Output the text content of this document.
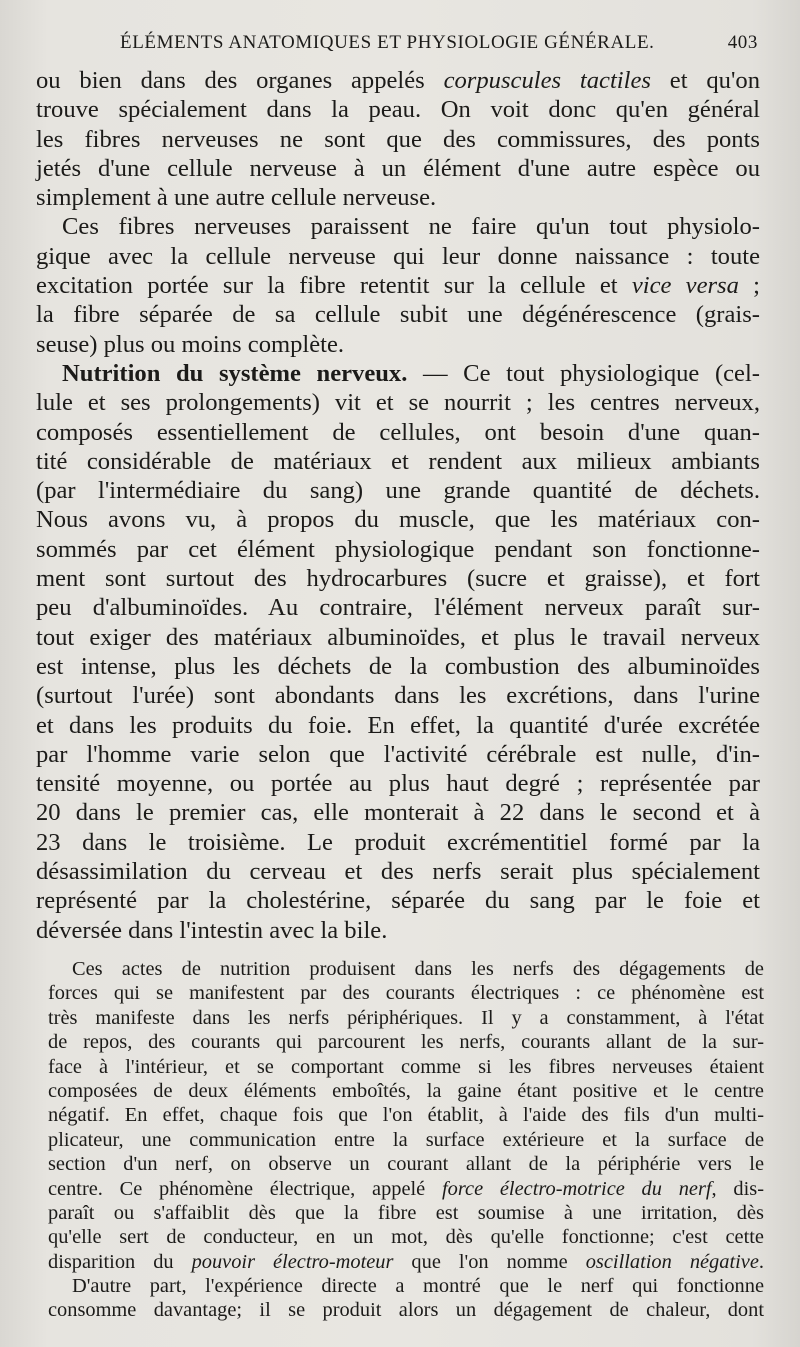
ÉLÉMENTS ANATOMIQUES ET PHYSIOLOGIE GÉNÉRALE.	403
ou bien dans des organes appelés corpuscules tactiles et qu'on
trouve spécialement dans la peau. On voit donc qu'en général
les fibres nerveuses ne sont que des commissures, des ponts
jetés d'une cellule nerveuse à un élément d'une autre espèce ou
simplement à une autre cellule nerveuse.
Ces fibres nerveuses paraissent ne faire qu'un tout physiolo-
gique avec la cellule nerveuse qui leur donne naissance : toute
excitation portée sur la fibre retentit sur la cellule et vice versa ;
la fibre séparée de sa cellule subit une dégénérescence (grais-
seuse) plus ou moins complète.
Nutrition du système nerveux. — Ce tout physiologique (cel-
lule et ses prolongements) vit et se nourrit ; les centres nerveux,
composés essentiellement de cellules, ont besoin d'une quan-
tité considérable de matériaux et rendent aux milieux ambiants
(par l'intermédiaire du sang) une grande quantité de déchets.
Nous avons vu, à propos du muscle, que les matériaux con-
sommés par cet élément physiologique pendant son fonctionne-
ment sont surtout des hydrocarbures (sucre et graisse), et fort
peu d'albuminoïdes. Au contraire, l'élément nerveux paraît sur-
tout exiger des matériaux albuminoïdes, et plus le travail nerveux
est intense, plus les déchets de la combustion des albuminoïdes
(surtout l'urée) sont abondants dans les excrétions, dans l'urine
et dans les produits du foie. En effet, la quantité d'urée excrétée
par l'homme varie selon que l'activité cérébrale est nulle, d'in-
tensité moyenne, ou portée au plus haut degré ; représentée par
20 dans le premier cas, elle monterait à 22 dans le second et à
23 dans le troisième. Le produit excrémentitiel formé par la
désassimilation du cerveau et des nerfs serait plus spécialement
représenté par la cholestérine, séparée du sang par le foie et
déversée dans l'intestin avec la bile.
Ces actes de nutrition produisent dans les nerfs des dégagements de
forces qui se manifestent par des courants électriques : ce phénomène est
très manifeste dans les nerfs périphériques. Il y a constamment, à l'état
de repos, des courants qui parcourent les nerfs, courants allant de la sur-
face à l'intérieur, et se comportant comme si les fibres nerveuses étaient
composées de deux éléments emboîtés, la gaine étant positive et le centre
négatif. En effet, chaque fois que l'on établit, à l'aide des fils d'un multi-
plicateur, une communication entre la surface extérieure et la surface de
section d'un nerf, on observe un courant allant de la périphérie vers le
centre. Ce phénomène électrique, appelé force électro-motrice du nerf, dis-
paraît ou s'affaiblit dès que la fibre est soumise à une irritation, dès
qu'elle sert de conducteur, en un mot, dès qu'elle fonctionne; c'est cette
disparition du pouvoir électro-moteur que l'on nomme oscillation négative.
D'autre part, l'expérience directe a montré que le nerf qui fonctionne
consomme davantage; il se produit alors un dégagement de chaleur, dont
